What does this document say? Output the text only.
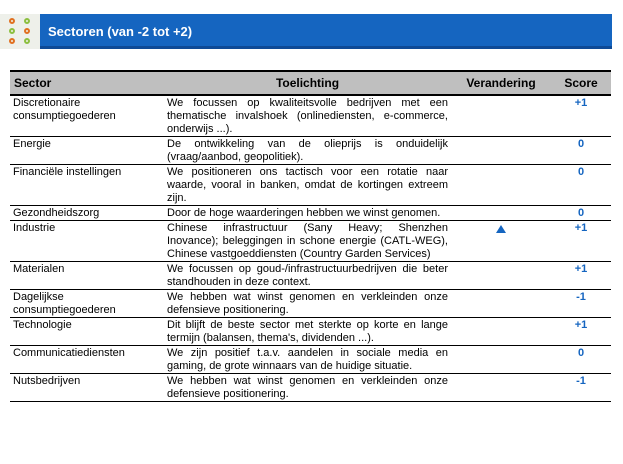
Sectoren (van -2 tot +2)
Sector	Toelichting	Verandering	Score
Discretionaire consumptiegoederen	We focussen op kwaliteitsvolle bedrijven met een thematische invalshoek (onlinediensten, e-commerce, onderwijs ...).		+1
Energie	De ontwikkeling van de olieprijs is onduidelijk (vraag/aanbod, geopolitiek).		0
Financiële instellingen	We positioneren ons tactisch voor een rotatie naar waarde, vooral in banken, omdat de kortingen extreem zijn.		0
Gezondheidszorg	Door de hoge waarderingen hebben we winst genomen.		0
Industrie	Chinese infrastructuur (Sany Heavy; Shenzhen Inovance); beleggingen in schone energie (CATL-WEG), Chinese vastgoeddiensten (Country Garden Services)		+1
Materialen	We focussen op goud-/infrastructuurbedrijven die beter standhouden in deze context.		+1
Dagelijkse consumptiegoederen	We hebben wat winst genomen en verkleinden onze defensieve positionering.		-1
Technologie	Dit blijft de beste sector met sterkte op korte en lange termijn (balansen, thema's, dividenden ...).		+1
Communicatiediensten	We zijn positief t.a.v. aandelen in sociale media en gaming, de grote winnaars van de huidige situatie.		0
Nutsbedrijven	We hebben wat winst genomen en verkleinden onze defensieve positionering.		-1
